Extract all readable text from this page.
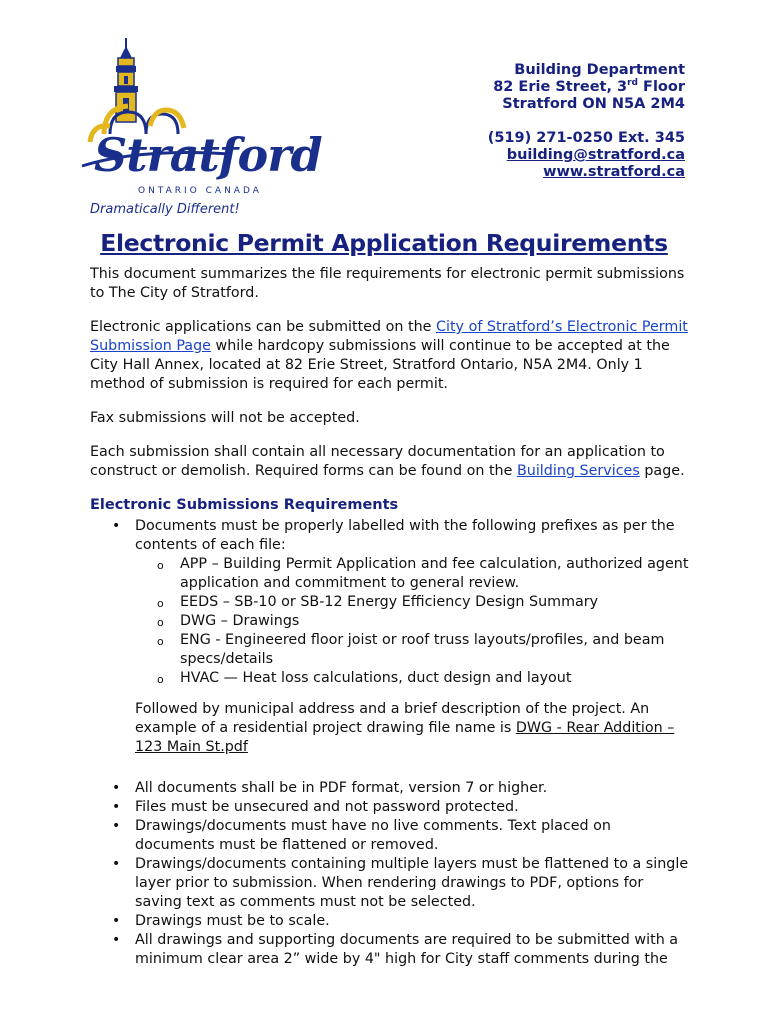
Stratford
ONTARIO CANADA
Dramatically Different!
Building Department
82 Erie Street, 3rd Floor
Stratford ON N5A 2M4
(519) 271-0250 Ext. 345
building@stratford.ca
www.stratford.ca
Electronic Permit Application Requirements

This document summarizes the file requirements for electronic permit submissions to The City of Stratford.

Electronic applications can be submitted on the City of Stratford’s Electronic Permit Submission Page while hardcopy submissions will continue to be accepted at the City Hall Annex, located at 82 Erie Street, Stratford Ontario, N5A 2M4. Only 1 method of submission is required for each permit.

Fax submissions will not be accepted.

Each submission shall contain all necessary documentation for an application to construct or demolish. Required forms can be found on the Building Services page.

Electronic Submissions Requirements
• Documents must be properly labelled with the following prefixes as per the contents of each file:
o APP – Building Permit Application and fee calculation, authorized agent application and commitment to general review.
o EEDS – SB-10 or SB-12 Energy Efficiency Design Summary
o DWG – Drawings
o ENG - Engineered floor joist or roof truss layouts/profiles, and beam specs/details
o HVAC — Heat loss calculations, duct design and layout
Followed by municipal address and a brief description of the project. An example of a residential project drawing file name is DWG - Rear Addition – 123 Main St.pdf
• All documents shall be in PDF format, version 7 or higher.
• Files must be unsecured and not password protected.
• Drawings/documents must have no live comments. Text placed on documents must be flattened or removed.
• Drawings/documents containing multiple layers must be flattened to a single layer prior to submission. When rendering drawings to PDF, options for saving text as comments must not be selected.
• Drawings must be to scale.
• All drawings and supporting documents are required to be submitted with a minimum clear area 2” wide by 4" high for City staff comments during the
